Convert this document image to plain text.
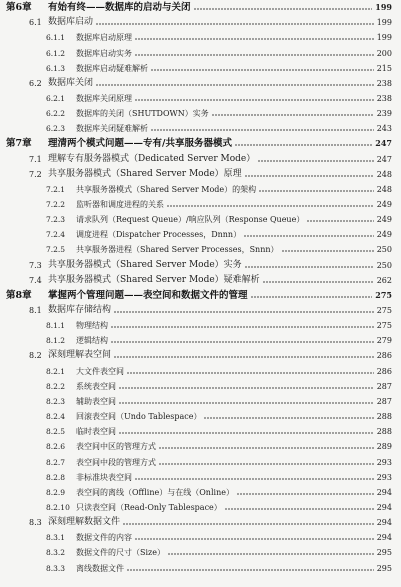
第6章 有始有终——数据库的启动与关闭	199
6.1 数据库启动	199
6.1.1 数据库启动原理	199
6.1.2 数据库启动实务	200
6.1.3 数据库启动疑难解析	215
6.2 数据库关闭	238
6.2.1 数据库关闭原理	238
6.2.2 数据库的关闭（SHUTDOWN）实务	239
6.2.3 数据库关闭疑难解析	243
第7章 理清两个模式问题——专有/共享服务器模式	247
7.1 理解专有服务器模式（Dedicated Server Mode）	247
7.2 共享服务器模式（Shared Server Mode）原理	248
7.2.1 共享服务器模式（Shared Server Mode）的架构	248
7.2.2 监听器和调度进程的关系	249
7.2.3 请求队列（Request Queue）/响应队列（Response Queue）	249
7.2.4 调度进程（Dispatcher Processes，Dnnn）	249
7.2.5 共享服务器进程（Shared Server Processes，Snnn）	250
7.3 共享服务器模式（Shared Server Mode）实务	250
7.4 共享服务器模式（Shared Server Mode）疑难解析	262
第8章 掌握两个管理问题——表空间和数据文件的管理	275
8.1 数据库存储结构	275
8.1.1 物理结构	275
8.1.2 逻辑结构	279
8.2 深刻理解表空间	286
8.2.1 大文件表空间	286
8.2.2 系统表空间	287
8.2.3 辅助表空间	287
8.2.4 回滚表空间（Undo Tablespace）	288
8.2.5 临时表空间	288
8.2.6 表空间中区的管理方式	289
8.2.7 表空间中段的管理方式	293
8.2.8 非标准块表空间	293
8.2.9 表空间的离线（Offline）与在线（Online）	294
8.2.10 只读表空间（Read-Only Tablespace）	294
8.3 深刻理解数据文件	294
8.3.1 数据文件的内容	294
8.3.2 数据文件的尺寸（Size）	295
8.3.3 离线数据文件	295
